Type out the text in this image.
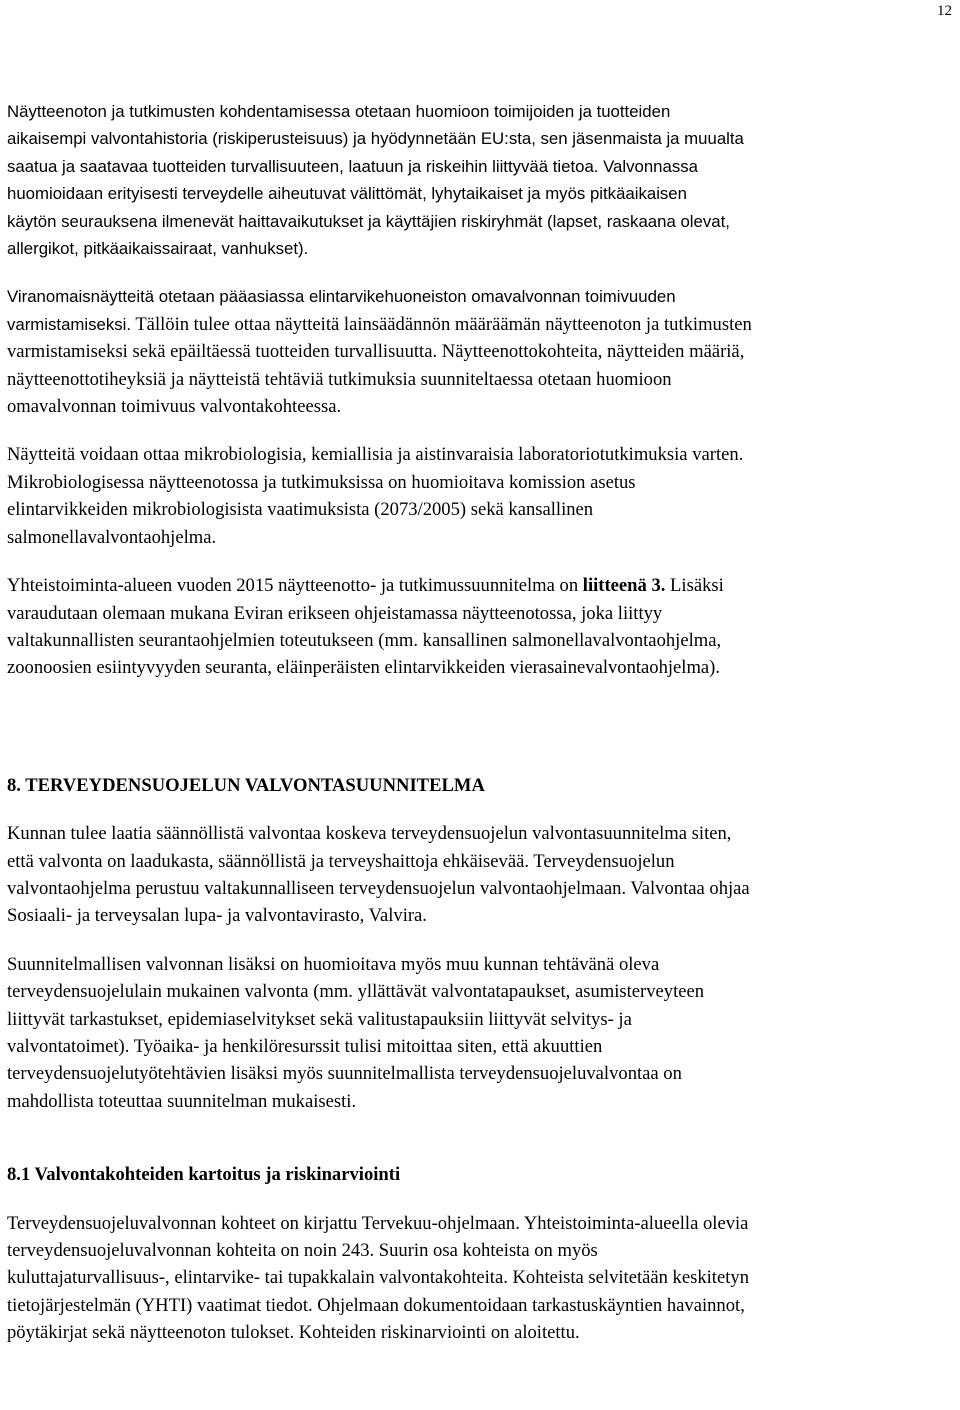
12

Näytteenoton ja tutkimusten kohdentamisessa otetaan huomioon toimijoiden ja tuotteiden

aikaisempi valvontahistoria (riskiperusteisuus) ja hyödynnetään EU:sta, sen jäsenmaista ja muualta

saatua ja saatavaa tuotteiden turvallisuuteen, laatuun ja riskeihin liittyvää tietoa. Valvonnassa

huomioidaan erityisesti terveydelle aiheutuvat välittömät, lyhytaikaiset ja myös pitkäaikaisen

käytön seurauksena ilmenevät haittavaikutukset ja käyttäjien riskiryhmät (lapset, raskaana olevat,

allergikot, pitkäaikaissairaat, vanhukset).

Viranomaisnäytteitä otetaan pääasiassa elintarvikehuoneiston omavalvonnan toimivuuden

varmistamiseksi. Tällöin tulee ottaa näytteitä lainsäädännön määräämän näytteenoton ja tutkimusten

varmistamiseksi sekä epäiltäessä tuotteiden turvallisuutta. Näytteenottokohteita, näytteiden määriä,

näytteenottotiheyksiä ja näytteistä tehtäviä tutkimuksia suunniteltaessa otetaan huomioon

omavalvonnan toimivuus valvontakohteessa.

Näytteitä voidaan ottaa mikrobiologisia, kemiallisia ja aistinvaraisia laboratoriotutkimuksia varten.

Mikrobiologisessa näytteenotossa ja tutkimuksissa on huomioitava komission asetus

elintarvikkeiden mikrobiologisista vaatimuksista (2073/2005) sekä kansallinen

salmonellavalvontaohjelma.

Yhteistoiminta-alueen vuoden 2015 näytteenotto- ja tutkimussuunnitelma on liitteenä 3. Lisäksi

varaudutaan olemaan mukana Eviran erikseen ohjeistamassa näytteenotossa, joka liittyy

valtakunnallisten seurantaohjelmien toteutukseen (mm. kansallinen salmonellavalvontaohjelma,

zoonoosien esiintyvyyden seuranta, eläinperäisten elintarvikkeiden vierasainevalvontaohjelma).

8. TERVEYDENSUOJELUN VALVONTASUUNNITELMA

Kunnan tulee laatia säännöllistä valvontaa koskeva terveydensuojelun valvontasuunnitelma siten,

että valvonta on laadukasta, säännöllistä ja terveyshaittoja ehkäisevää. Terveydensuojelun

valvontaohjelma perustuu valtakunnalliseen terveydensuojelun valvontaohjelmaan. Valvontaa ohjaa

Sosiaali- ja terveysalan lupa- ja valvontavirasto, Valvira.

Suunnitelmallisen valvonnan lisäksi on huomioitava myös muu kunnan tehtävänä oleva

terveydensuojelulain mukainen valvonta (mm. yllättävät valvontatapaukset, asumisterveyteen

liittyvät tarkastukset, epidemiaselvitykset sekä valitustapauksiin liittyvät selvitys- ja

valvontatoimet). Työaika- ja henkilöresurssit tulisi mitoittaa siten, että akuuttien

terveydensuojelutyötehtävien lisäksi myös suunnitelmallista terveydensuojeluvalvontaa on

mahdollista toteuttaa suunnitelman mukaisesti.

8.1 Valvontakohteiden kartoitus ja riskinarviointi

Terveydensuojeluvalvonnan kohteet on kirjattu Tervekuu-ohjelmaan. Yhteistoiminta-alueella olevia

terveydensuojeluvalvonnan kohteita on noin 243. Suurin osa kohteista on myös

kuluttajaturvallisuus-, elintarvike- tai tupakkalain valvontakohteita. Kohteista selvitetään keskitetyn

tietojärjestelmän (YHTI) vaatimat tiedot. Ohjelmaan dokumentoidaan tarkastuskäyntien havainnot,

pöytäkirjat sekä näytteenoton tulokset. Kohteiden riskinarviointi on aloitettu.
